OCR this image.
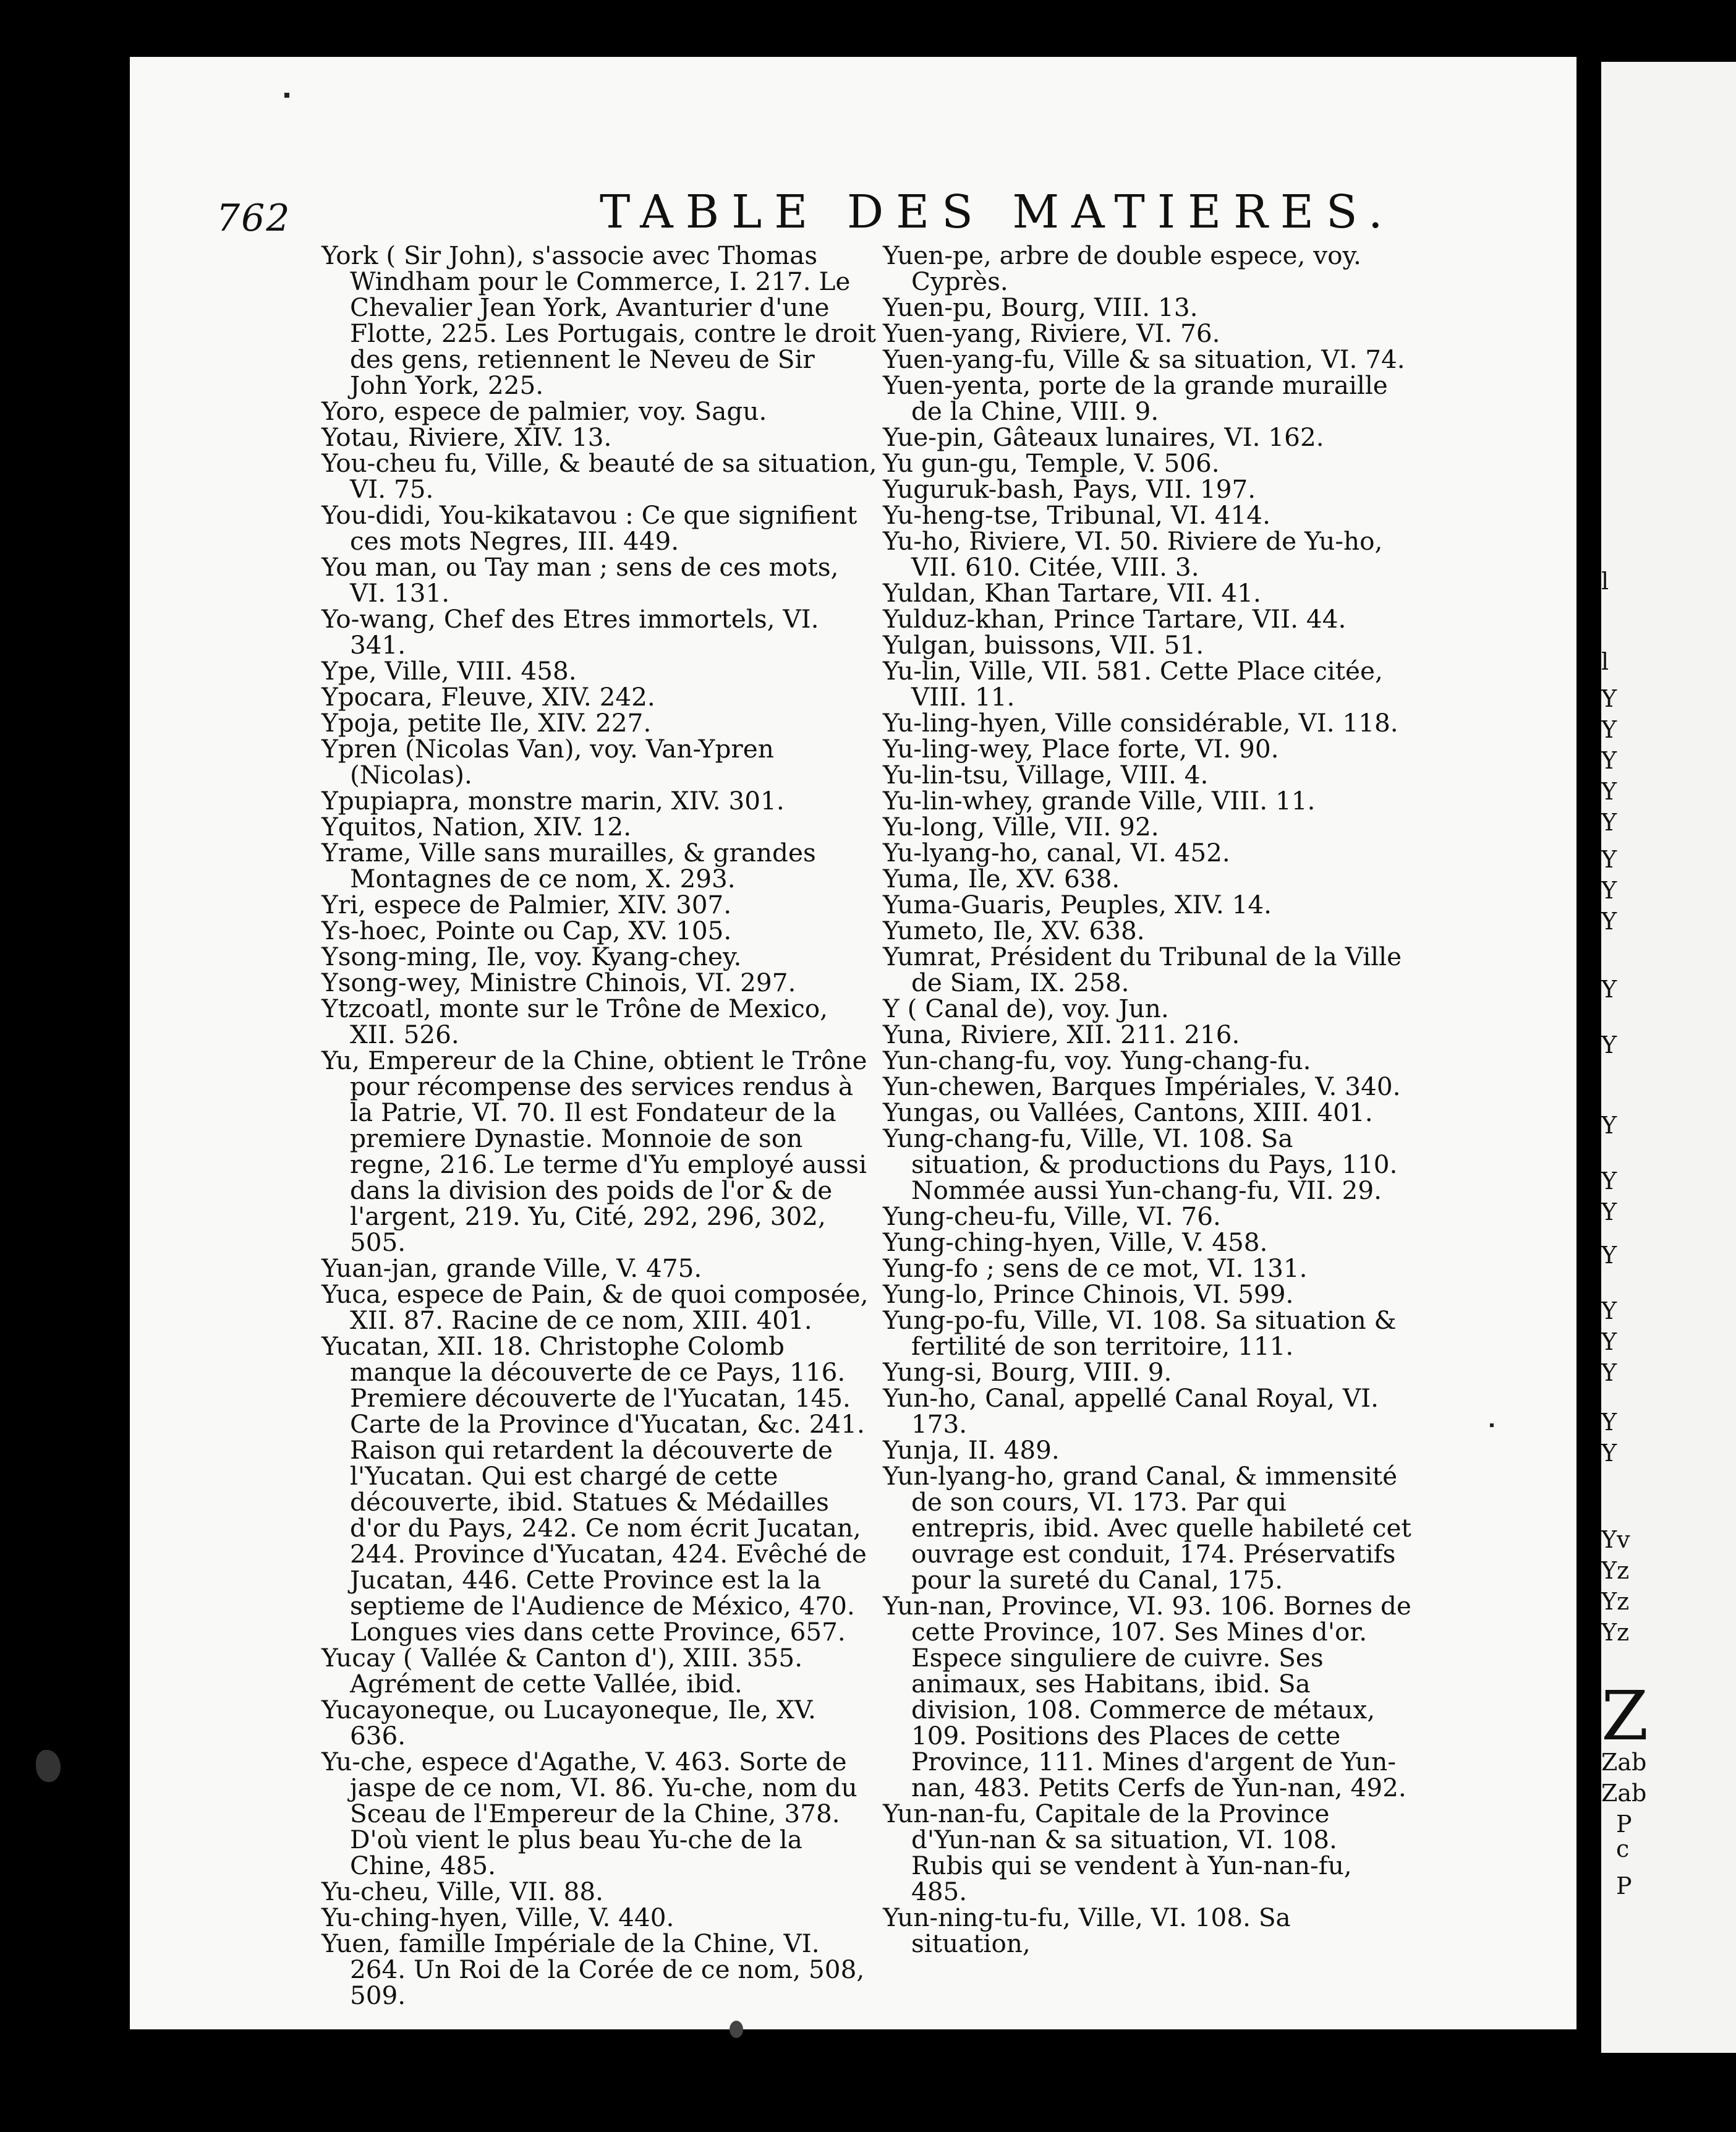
762	TABLE DES MATIERES.

York ( Sir John), s'associe avec Thomas Windham pour le Commerce, I. 217. Le Chevalier Jean York, Avanturier d'une Flotte, 225. Les Portugais, contre le droit des gens, retiennent le Neveu de Sir John York, 225.

Yoro, espece de palmier, voy. Sagu.

Yotau, Riviere, XIV. 13.

You-cheu fu, Ville, & beauté de sa situation, VI. 75.

You-didi, You-kikatavou : Ce que signifient ces mots Negres, III. 449.

You man, ou Tay man ; sens de ces mots, VI. 131.

Yo-wang, Chef des Etres immortels, VI. 341.

Ype, Ville, VIII. 458.

Ypocara, Fleuve, XIV. 242.

Ypoja, petite Ile, XIV. 227.

Ypren (Nicolas Van), voy. Van-Ypren (Nicolas).

Ypupiapra, monstre marin, XIV. 301.

Yquitos, Nation, XIV. 12.

Yrame, Ville sans murailles, & grandes Montagnes de ce nom, X. 293.

Yri, espece de Palmier, XIV. 307.

Ys-hoec, Pointe ou Cap, XV. 105.

Ysong-ming, Ile, voy. Kyang-chey.

Ysong-wey, Ministre Chinois, VI. 297.

Ytzcoatl, monte sur le Trône de Mexico, XII. 526.

Yu, Empereur de la Chine, obtient le Trône pour récompense des services rendus à la Patrie, VI. 70. Il est Fondateur de la premiere Dynastie. Monnoie de son regne, 216. Le terme d'Yu employé aussi dans la division des poids de l'or & de l'argent, 219. Yu, Cité, 292, 296, 302, 505.

Yuan-jan, grande Ville, V. 475.

Yuca, espece de Pain, & de quoi composée, XII. 87. Racine de ce nom, XIII. 401.

Yucatan, XII. 18. Christophe Colomb manque la découverte de ce Pays, 116. Premiere découverte de l'Yucatan, 145. Carte de la Province d'Yucatan, &c. 241. Raison qui retardent la découverte de l'Yucatan. Qui est chargé de cette découverte, ibid. Statues & Médailles d'or du Pays, 242. Ce nom écrit Jucatan, 244. Province d'Yucatan, 424. Evêché de Jucatan, 446. Cette Province est la la septieme de l'Audience de México, 470. Longues vies dans cette Province, 657.

Yucay ( Vallée & Canton d'), XIII. 355. Agrément de cette Vallée, ibid.

Yucayoneque, ou Lucayoneque, Ile, XV. 636.

Yu-che, espece d'Agathe, V. 463. Sorte de jaspe de ce nom, VI. 86. Yu-che, nom du Sceau de l'Empereur de la Chine, 378. D'où vient le plus beau Yu-che de la Chine, 485.

Yu-cheu, Ville, VII. 88.

Yu-ching-hyen, Ville, V. 440.

Yuen, famille Impériale de la Chine, VI. 264. Un Roi de la Corée de ce nom, 508, 509.

Yuen-pe, arbre de double espece, voy. Cyprès.

Yuen-pu, Bourg, VIII. 13.

Yuen-yang, Riviere, VI. 76.

Yuen-yang-fu, Ville & sa situation, VI. 74.

Yuen-yenta, porte de la grande muraille de la Chine, VIII. 9.

Yue-pin, Gâteaux lunaires, VI. 162.

Yu gun-gu, Temple, V. 506.

Yuguruk-bash, Pays, VII. 197.

Yu-heng-tse, Tribunal, VI. 414.

Yu-ho, Riviere, VI. 50. Riviere de Yu-ho, VII. 610. Citée, VIII. 3.

Yuldan, Khan Tartare, VII. 41.

Yulduz-khan, Prince Tartare, VII. 44.

Yulgan, buissons, VII. 51.

Yu-lin, Ville, VII. 581. Cette Place citée, VIII. 11.

Yu-ling-hyen, Ville considérable, VI. 118.

Yu-ling-wey, Place forte, VI. 90.

Yu-lin-tsu, Village, VIII. 4.

Yu-lin-whey, grande Ville, VIII. 11.

Yu-long, Ville, VII. 92.

Yu-lyang-ho, canal, VI. 452.

Yuma, Ile, XV. 638.

Yuma-Guaris, Peuples, XIV. 14.

Yumeto, Ile, XV. 638.

Yumrat, Président du Tribunal de la Ville de Siam, IX. 258.

Y ( Canal de), voy. Jun.

Yuna, Riviere, XII. 211. 216.

Yun-chang-fu, voy. Yung-chang-fu.

Yun-chewen, Barques Impériales, V. 340.

Yungas, ou Vallées, Cantons, XIII. 401.

Yung-chang-fu, Ville, VI. 108. Sa situation, & productions du Pays, 110. Nommée aussi Yun-chang-fu, VII. 29.

Yung-cheu-fu, Ville, VI. 76.

Yung-ching-hyen, Ville, V. 458.

Yung-fo ; sens de ce mot, VI. 131.

Yung-lo, Prince Chinois, VI. 599.

Yung-po-fu, Ville, VI. 108. Sa situation & fertilité de son territoire, 111.

Yung-si, Bourg, VIII. 9.

Yun-ho, Canal, appellé Canal Royal, VI. 173.

Yunja, II. 489.

Yun-lyang-ho, grand Canal, & immensité de son cours, VI. 173. Par qui entrepris, ibid. Avec quelle habileté cet ouvrage est conduit, 174. Préservatifs pour la sureté du Canal, 175.

Yun-nan, Province, VI. 93. 106. Bornes de cette Province, 107. Ses Mines d'or. Espece singuliere de cuivre. Ses animaux, ses Habitans, ibid. Sa division, 108. Commerce de métaux, 109. Positions des Places de cette Province, 111. Mines d'argent de Yun-nan, 483. Petits Cerfs de Yun-nan, 492.

Yun-nan-fu, Capitale de la Province d'Yun-nan & sa situation, VI. 108. Rubis qui se vendent à Yun-nan-fu, 485.

Yun-ning-tu-fu, Ville, VI. 108. Sa situation,

l
l
Y
Y
Y
Y
Y
Y
Y
Y
Y
Y
Y
Y
Y
Y
Y
Y
Y
Y
Y
Yv
Yz
Yz
Yz
Z
Zab
Zab
P
c
P
